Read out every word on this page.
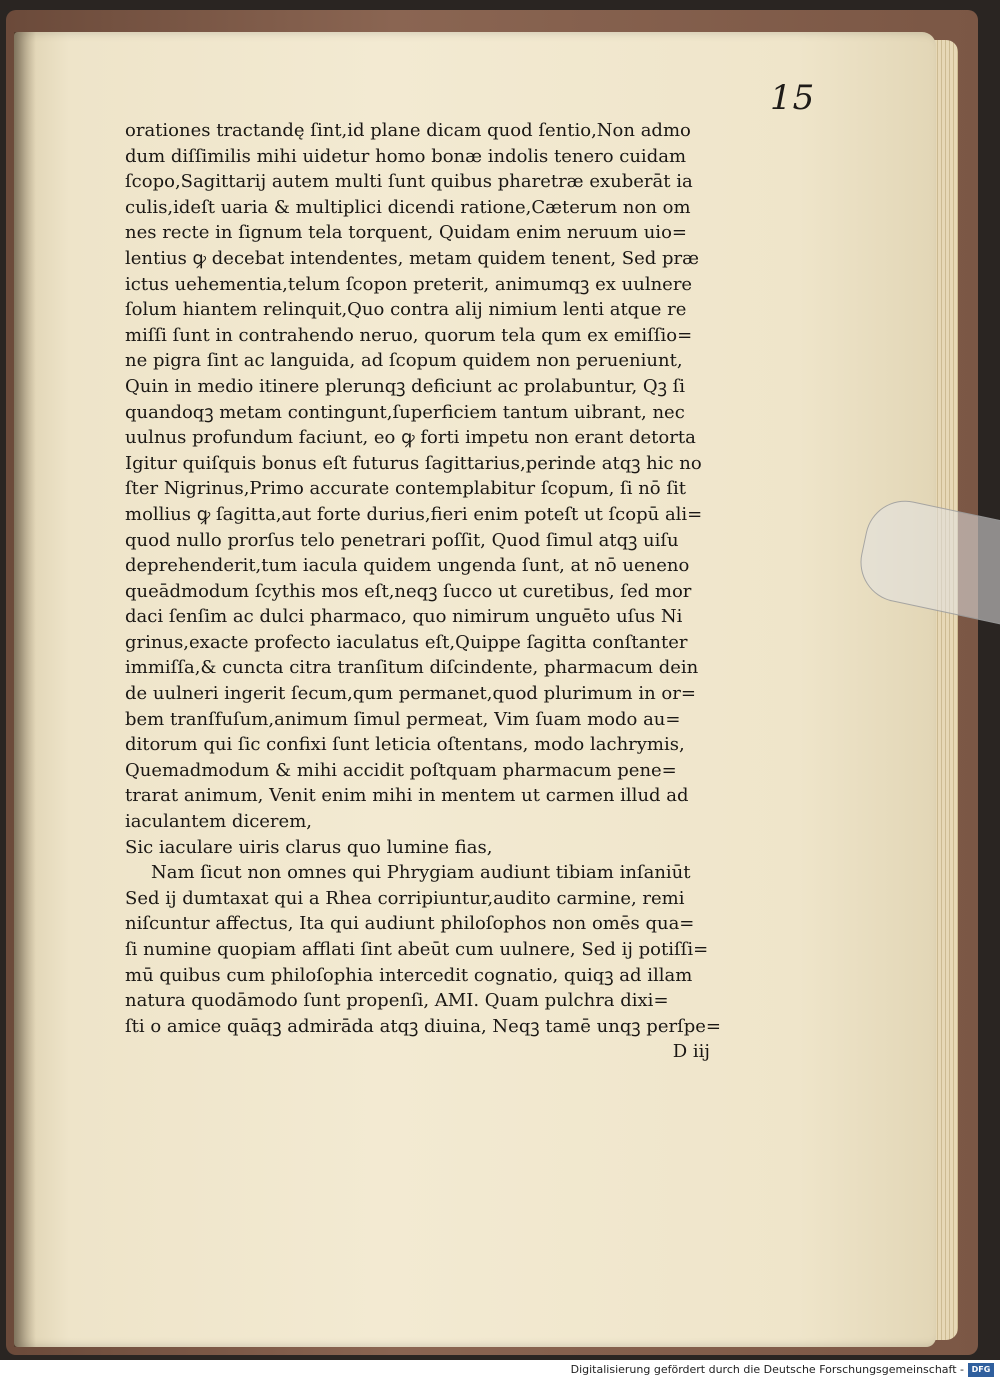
15
orationes tractandę ſint,id plane dicam quod ſentio,Non admo
dum diſſimilis mihi uidetur homo bonæ indolis tenero cuidam
ſcopo,Sagittarij autem multi ſunt quibus pharetræ exuberāt ia
culis,ideſt uaria & multiplici dicendi ratione,Cæterum non om
nes recte in ſignum tela torquent, Quidam enim neruum uio=
lentius ꝙ decebat intendentes, metam quidem tenent, Sed præ
ictus uehementia,telum ſcopon preterit, animumqꝫ ex uulnere
ſolum hiantem relinquit,Quo contra alij nimium lenti atque re
miſſi ſunt in contrahendo neruo, quorum tela qum ex emiſſio=
ne pigra ſint ac languida, ad ſcopum quidem non perueniunt,
Quin in medio itinere plerunqꝫ deficiunt ac prolabuntur, Qꝫ ſi
quandoqꝫ metam contingunt,ſuperficiem tantum uibrant, nec
uulnus profundum faciunt, eo ꝙ forti impetu non erant detorta
Igitur quiſquis bonus eſt futurus ſagittarius,perinde atqꝫ hic no
ſter Nigrinus,Primo accurate contemplabitur ſcopum, ſi nō ſit
mollius ꝙ ſagitta,aut forte durius,fieri enim poteſt ut ſcopū ali=
quod nullo prorſus telo penetrari poſſit, Quod ſimul atqꝫ uiſu
deprehenderit,tum iacula quidem ungenda ſunt, at nō ueneno
queādmodum ſcythis mos eſt,neqꝫ ſucco ut curetibus, ſed mor
daci ſenſim ac dulci pharmaco, quo nimirum unguēto uſus Ni
grinus,exacte profecto iaculatus eſt,Quippe ſagitta conſtanter
immiſſa,& cuncta citra tranſitum diſcindente, pharmacum dein
de uulneri ingerit ſecum,qum permanet,quod plurimum in or=
bem tranſfuſum,animum ſimul permeat, Vim ſuam modo au=
ditorum qui ſic confixi ſunt leticia oſtentans, modo lachrymis,
Quemadmodum & mihi accidit poſtquam pharmacum pene=
trarat animum, Venit enim mihi in mentem ut carmen illud ad
iaculantem dicerem,
Sic iaculare uiris clarus quo lumine fias,
Nam ſicut non omnes qui Phrygiam audiunt tibiam inſaniūt
Sed ij dumtaxat qui a Rhea corripiuntur,audito carmine, remi
niſcuntur affectus, Ita qui audiunt philoſophos non omēs qua=
ſi numine quopiam afflati ſint abeūt cum uulnere, Sed ij potiſſi=
mū quibus cum philoſophia intercedit cognatio, quiqꝫ ad illam
natura quodāmodo ſunt propenſi, AMI. Quam pulchra dixi=
ſti o amice quāqꝫ admirāda atqꝫ diuina, Neqꝫ tamē unqꝫ perſpe=
D iij
Digitalisierung gefördert durch die Deutsche Forschungsgemeinschaft - DFG
